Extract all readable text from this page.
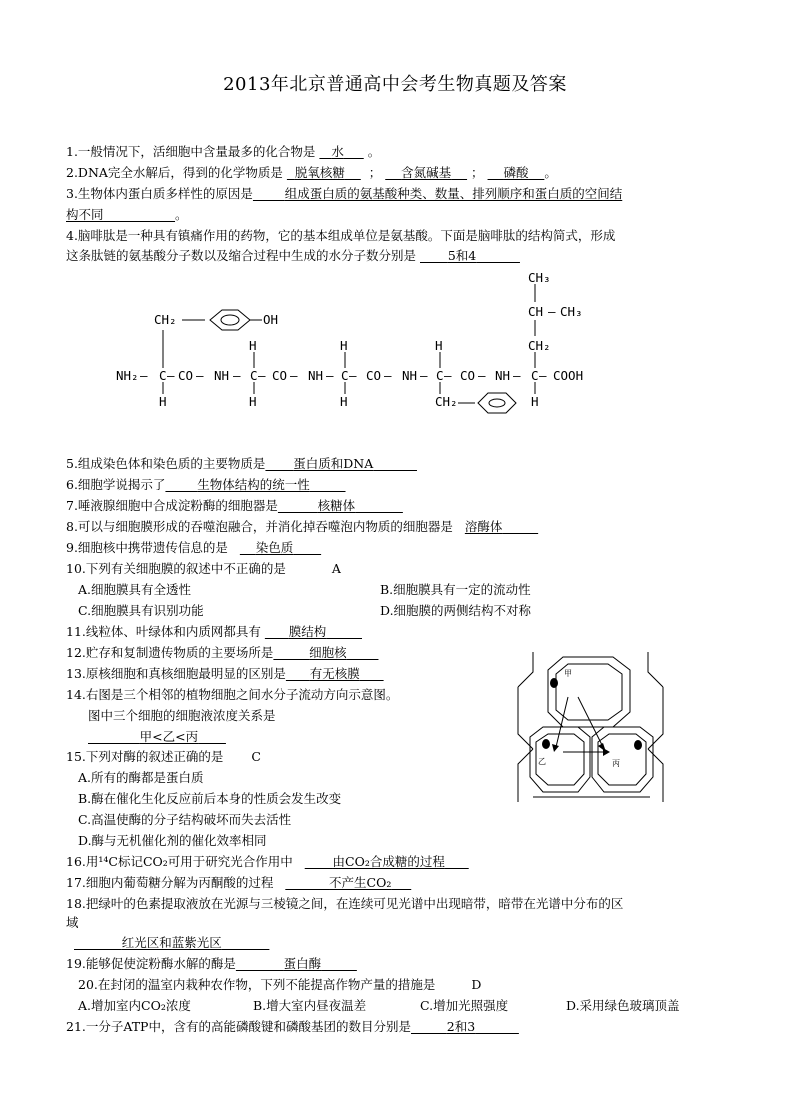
2013年北京普通高中会考生物真题及答案
1.一般情况下，活细胞中含量最多的化合物是 水 。
2.DNA完全水解后，得到的化学物质是 脱氧核糖 ； 含氮碱基 ； 磷酸 。
3.生物体内蛋白质多样性的原因是	组成蛋白质的氨基酸种类、数量、排列顺序和蛋白质的空间结
构不同	。
4.脑啡肽是一种具有镇痛作用的药物，它的基本组成单位是氨基酸。下面是脑啡肽的结构简式，形成
这条肽链的氨基酸分子数以及缩合过程中生成的水分子数分别是	5和4
CH₂	OH
H	H	H
CH₃
CH — CH₃
CH₂
NH₂ — C — CO — NH — C — CO — NH — C — CO — NH — C — CO — NH — C — COOH
H	H	H	CH₂	H
5.组成染色体和染色质的主要物质是 蛋白质和DNA
6.细胞学说揭示了	生物体结构的统一性
7.唾液腺细胞中合成淀粉酶的细胞器是	核糖体
8.可以与细胞膜形成的吞噬泡融合，并消化掉吞噬泡内物质的细胞器是 溶酶体
9.细胞核中携带遗传信息的是 染色质
10.下列有关细胞膜的叙述中不正确的是	A
A.细胞膜具有全透性	B.细胞膜具有一定的流动性
C.细胞膜具有识别功能	D.细胞膜的两侧结构不对称
11.线粒体、叶绿体和内质网都具有 膜结构
12.贮存和复制遗传物质的主要场所是	细胞核
13.原核细胞和真核细胞最明显的区别是 有无核膜
14.右图是三个相邻的植物细胞之间水分子流动方向示意图。
图中三个细胞的细胞液浓度关系是
甲<乙<丙
甲
乙	丙
15.下列对酶的叙述正确的是 C
A.所有的酶都是蛋白质
B.酶在催化生化反应前后本身的性质会发生改变
C.高温使酶的分子结构破坏而失去活性
D.酶与无机催化剂的催化效率相同
16.用¹⁴C标记CO₂可用于研究光合作用中	由CO₂合成糖的过程
17.细胞内葡萄糖分解为丙酮酸的过程	不产生CO₂
18.把绿叶的色素提取液放在光源与三棱镜之间，在连续可见光谱中出现暗带，暗带在光谱中分布的区
域
红光区和蓝紫光区
19.能够促使淀粉酶水解的酶是	蛋白酶
20.在封闭的温室内栽种农作物，下列不能提高作物产量的措施是	D
A.增加室内CO₂浓度	B.增大室内昼夜温差	C.增加光照强度	D.采用绿色玻璃顶盖
21.一分子ATP中，含有的高能磷酸键和磷酸基团的数目分别是	2和3
